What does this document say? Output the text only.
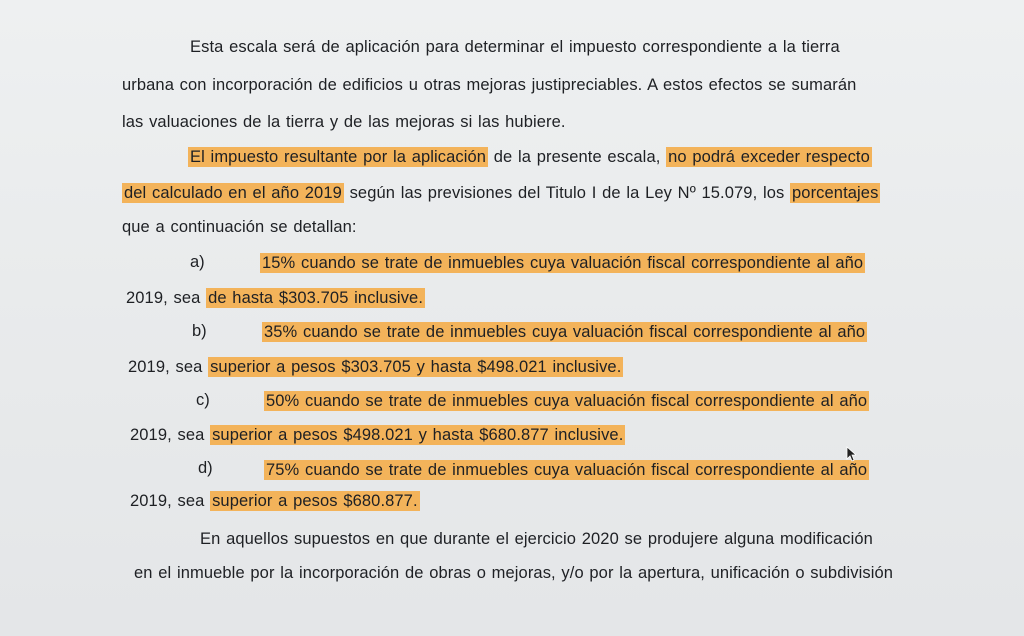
Esta escala será de aplicación para determinar el impuesto correspondiente a la tierra
urbana con incorporación de edificios u otras mejoras justipreciables. A estos efectos se sumarán
las valuaciones de la tierra y de las mejoras si las hubiere.
El impuesto resultante por la aplicación de la presente escala, no podrá exceder respecto
del calculado en el año 2019 según las previsiones del Titulo I de la Ley Nº 15.079, los porcentajes
que a continuación se detallan:
a)	15% cuando se trate de inmuebles cuya valuación fiscal correspondiente al año
2019, sea de hasta $303.705 inclusive.
b)	35% cuando se trate de inmuebles cuya valuación fiscal correspondiente al año
2019, sea superior a pesos $303.705 y hasta $498.021 inclusive.
c)	50% cuando se trate de inmuebles cuya valuación fiscal correspondiente al año
2019, sea superior a pesos $498.021 y hasta $680.877 inclusive.
d)	75% cuando se trate de inmuebles cuya valuación fiscal correspondiente al año
2019, sea superior a pesos $680.877.
En aquellos supuestos en que durante el ejercicio 2020 se produjere alguna modificación
en el inmueble por la incorporación de obras o mejoras, y/o por la apertura, unificación o subdivisión
